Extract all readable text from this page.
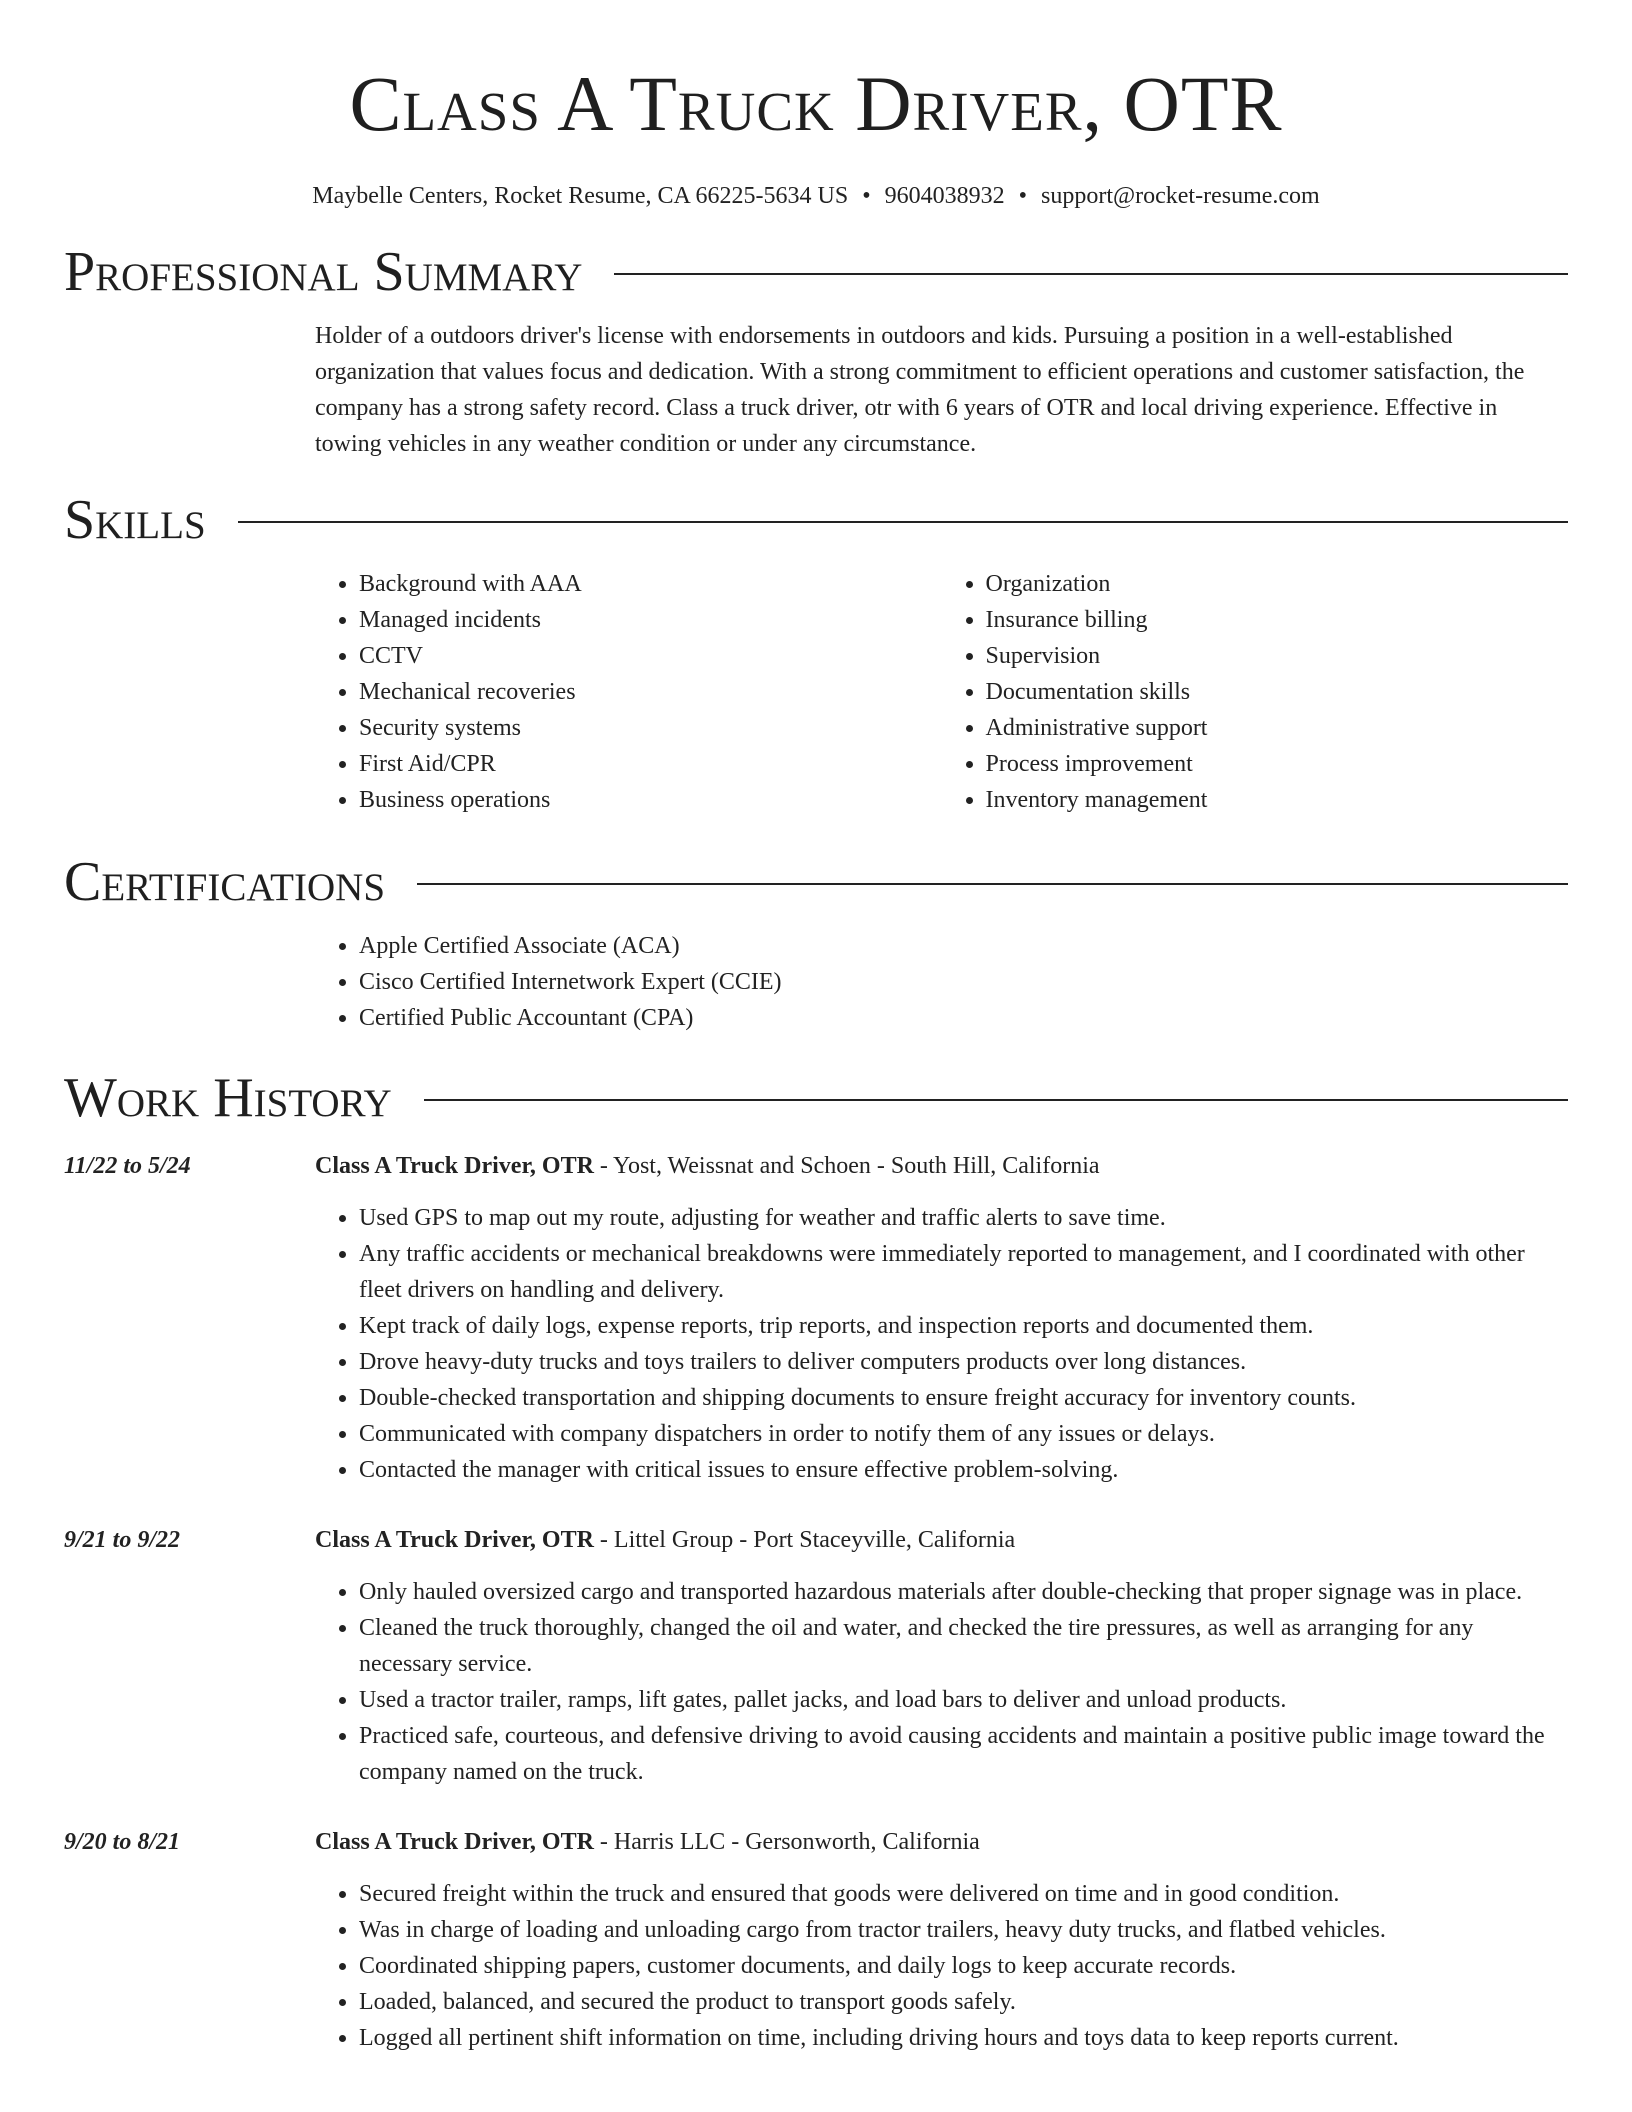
Class A Truck Driver, OTR
Maybelle Centers, Rocket Resume, CA 66225-5634 US • 9604038932 • support@rocket-resume.com
Professional Summary

Holder of a outdoors driver's license with endorsements in outdoors and kids. Pursuing a position in a well-established organization that values focus and dedication. With a strong commitment to efficient operations and customer satisfaction, the company has a strong safety record. Class a truck driver, otr with 6 years of OTR and local driving experience. Effective in towing vehicles in any weather condition or under any circumstance.

Skills
• Background with AAA
• Managed incidents
• CCTV
• Mechanical recoveries
• Security systems
• First Aid/CPR
• Business operations
• Organization
• Insurance billing
• Supervision
• Documentation skills
• Administrative support
• Process improvement
• Inventory management
Certifications
• Apple Certified Associate (ACA)
• Cisco Certified Internetwork Expert (CCIE)
• Certified Public Accountant (CPA)
Work History
11/22 to 5/24	Class A Truck Driver, OTR - Yost, Weissnat and Schoen - South Hill, California

• Used GPS to map out my route, adjusting for weather and traffic alerts to save time.
• Any traffic accidents or mechanical breakdowns were immediately reported to management, and I coordinated with other fleet drivers on handling and delivery.
• Kept track of daily logs, expense reports, trip reports, and inspection reports and documented them.
• Drove heavy-duty trucks and toys trailers to deliver computers products over long distances.
• Double-checked transportation and shipping documents to ensure freight accuracy for inventory counts.
• Communicated with company dispatchers in order to notify them of any issues or delays.
• Contacted the manager with critical issues to ensure effective problem-solving.
9/21 to 9/22	Class A Truck Driver, OTR - Littel Group - Port Staceyville, California

• Only hauled oversized cargo and transported hazardous materials after double-checking that proper signage was in place.
• Cleaned the truck thoroughly, changed the oil and water, and checked the tire pressures, as well as arranging for any necessary service.
• Used a tractor trailer, ramps, lift gates, pallet jacks, and load bars to deliver and unload products.
• Practiced safe, courteous, and defensive driving to avoid causing accidents and maintain a positive public image toward the company named on the truck.
9/20 to 8/21	Class A Truck Driver, OTR - Harris LLC - Gersonworth, California

• Secured freight within the truck and ensured that goods were delivered on time and in good condition.
• Was in charge of loading and unloading cargo from tractor trailers, heavy duty trucks, and flatbed vehicles.
• Coordinated shipping papers, customer documents, and daily logs to keep accurate records.
• Loaded, balanced, and secured the product to transport goods safely.
• Logged all pertinent shift information on time, including driving hours and toys data to keep reports current.
